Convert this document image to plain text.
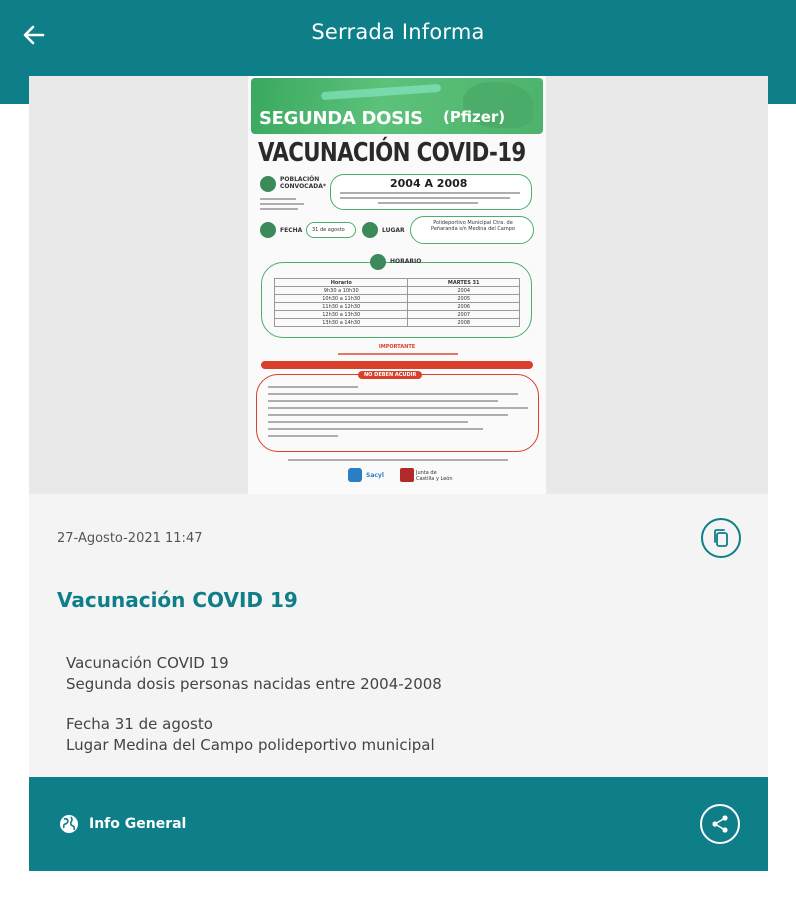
Serrada Informa
SEGUNDA DOSIS (Pfizer)
VACUNACIÓN COVID-19
POBLACIÓN CONVOCADA*	2004 A 2008
FECHA 31 de agosto	LUGAR
Polideportivo Municipal Ctra. de Peñaranda s/n Medina del Campo
HORARIO
Horario	MARTES 31
9h30 a 10h30	2004
10h30 a 11h30	2005
11h30 a 12h30	2006
12h30 a 13h30	2007
13h30 a 14h30	2008
IMPORTANTE
NO DEBEN ACUDIR
Sacyl	Junta de Castilla y León
27-Agosto-2021 11:47
Vacunación COVID 19
Vacunación COVID 19
Segunda dosis personas nacidas entre 2004-2008
Fecha 31 de agosto
Lugar Medina del Campo polideportivo municipal
Info General
